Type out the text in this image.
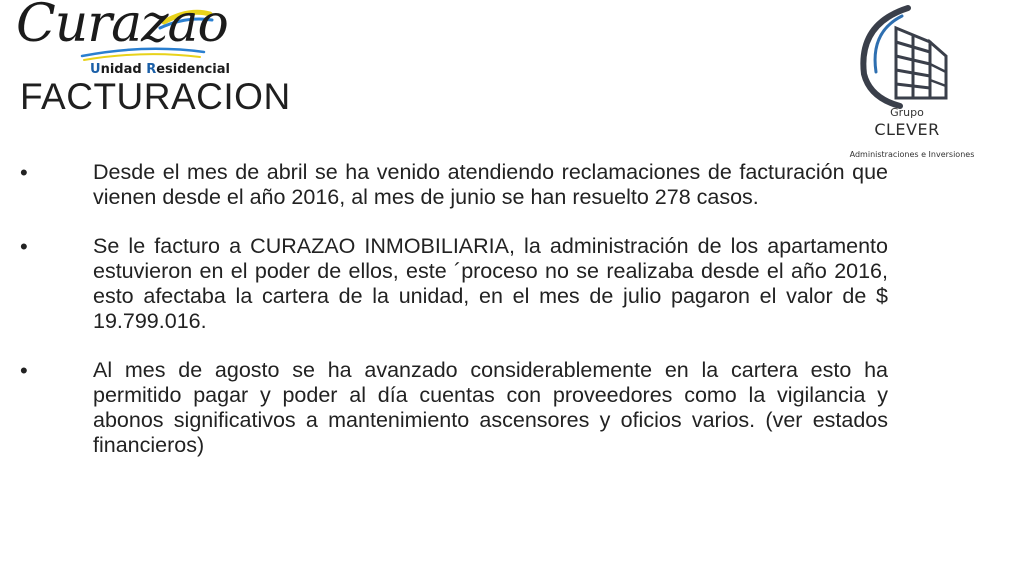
Curazao
Unidad Residencial
Grupo
CLEVER
Administraciones e Inversiones
FACTURACION
•	Desde el mes de abril se ha venido atendiendo reclamaciones de facturación que vienen desde el año 2016, al mes de junio se han resuelto 278 casos.
•	Se le facturo a CURAZAO INMOBILIARIA, la administración de los apartamento estuvieron en el poder de ellos, este ´proceso no se realizaba desde el año 2016, esto afectaba la cartera de la unidad, en el mes de julio pagaron el valor de $ 19.799.016.
•	Al mes de agosto se ha avanzado considerablemente en la cartera esto ha permitido pagar y poder al día cuentas con proveedores como la vigilancia y abonos significativos a mantenimiento ascensores y oficios varios. (ver estados financieros)
